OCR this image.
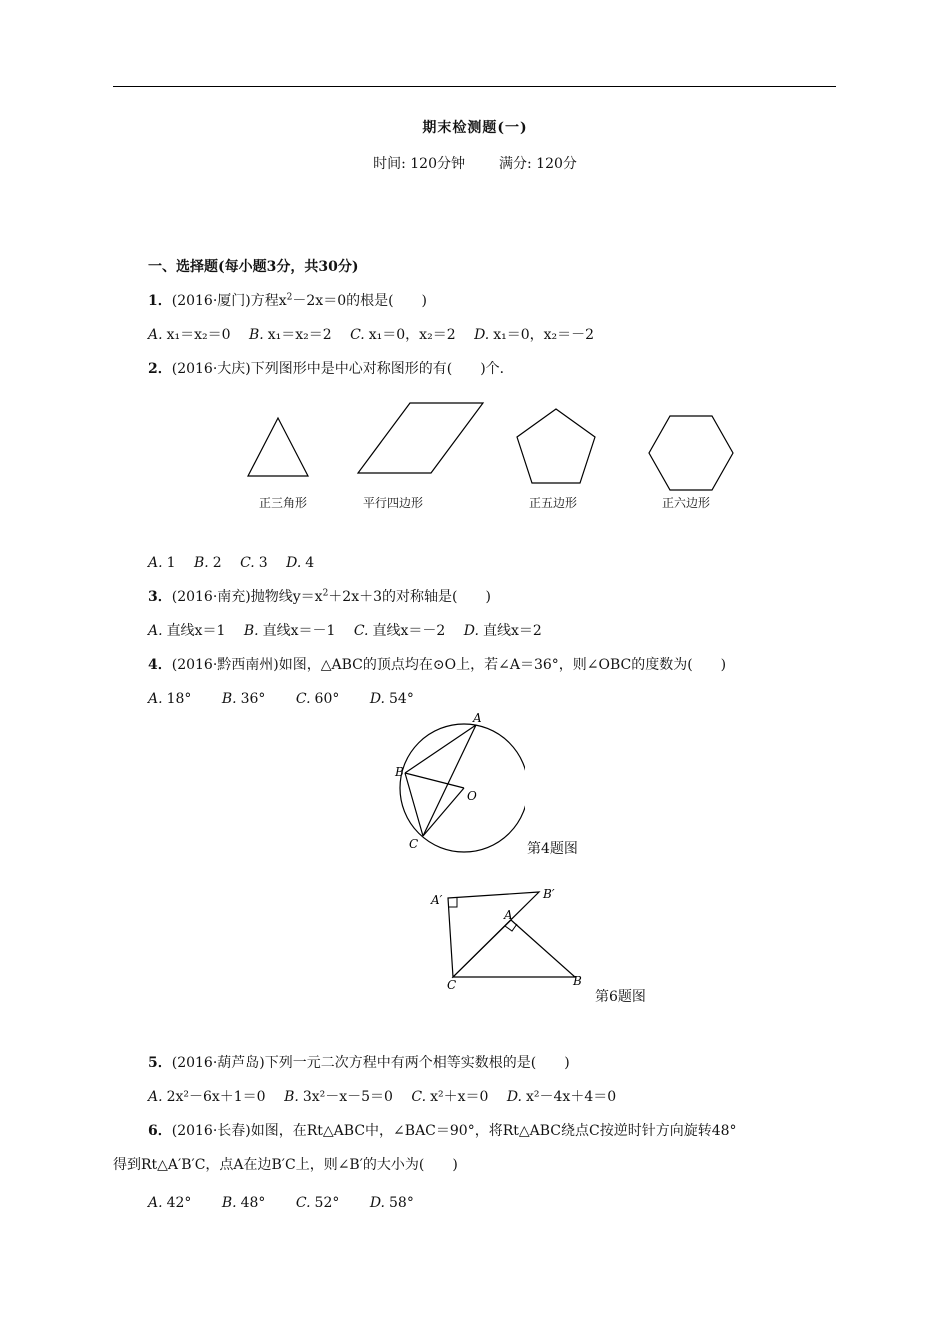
期末检测题(一)
时间: 120分钟 满分: 120分
一、选择题(每小题3分，共30分)
1．(2016·厦门)方程$x^2-2x=0$的根是(　　)
A. x₁＝x₂＝0 B. x₁＝x₂＝2 C. x₁＝0，x₂＝2 D. x₁＝0，x₂＝－2
2．(2016·大庆)下列图形中是中心对称图形的有(　　)个．
正三角形	平行四边形	正五边形	正六边形
A. 1 B. 2 C. 3 D. 4
3．(2016·南充)抛物线$y=x^2+2x+3$的对称轴是(　　)
A. 直线x＝1 B. 直线x＝－1 C. 直线x＝－2 D. 直线x＝2
4．(2016·黔西南州)如图，△ABC的顶点均在⊙O上，若∠A＝36°，则∠OBC的度数为(　　)
A. 18° B. 36° C. 60° D. 54°
A
B
C
O
第4题图
A′	B′
A
B
C
第6题图
5．(2016·葫芦岛)下列一元二次方程中有两个相等实数根的是(　　)
A. 2x²－6x＋1＝0 B. 3x²－x－5＝0 C. x²＋x＝0 D. x²－4x＋4＝0
6．(2016·长春)如图，在Rt△ABC中，∠BAC＝90°，将Rt△ABC绕点C按逆时针方向旋转48°
得到Rt△A′B′C，点A在边B′C上，则∠B′的大小为(　　)
A. 42° B. 48° C. 52° D. 58°
